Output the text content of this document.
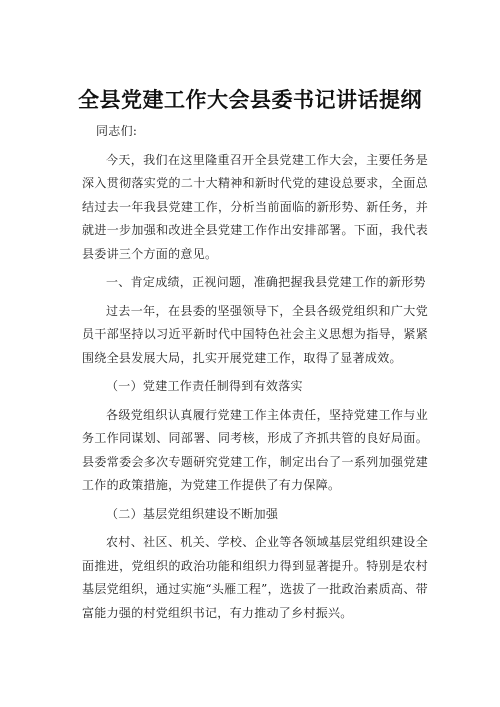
全县党建工作大会县委书记讲话提纲

同志们:

今天，我们在这里隆重召开全县党建工作大会，主要任务是深入贯彻落实党的二十大精神和新时代党的建设总要求，全面总结过去一年我县党建工作，分析当前面临的新形势、新任务，并就进一步加强和改进全县党建工作作出安排部署。下面，我代表县委讲三个方面的意见。

一、肯定成绩，正视问题，准确把握我县党建工作的新形势

过去一年，在县委的坚强领导下，全县各级党组织和广大党员干部坚持以习近平新时代中国特色社会主义思想为指导，紧紧围绕全县发展大局，扎实开展党建工作，取得了显著成效。

（一）党建工作责任制得到有效落实

各级党组织认真履行党建工作主体责任，坚持党建工作与业务工作同谋划、同部署、同考核，形成了齐抓共管的良好局面。县委常委会多次专题研究党建工作，制定出台了一系列加强党建工作的政策措施，为党建工作提供了有力保障。

（二）基层党组织建设不断加强

农村、社区、机关、学校、企业等各领域基层党组织建设全面推进，党组织的政治功能和组织力得到显著提升。特别是农村基层党组织，通过实施“头雁工程”，选拔了一批政治素质高、带富能力强的村党组织书记，有力推动了乡村振兴。
